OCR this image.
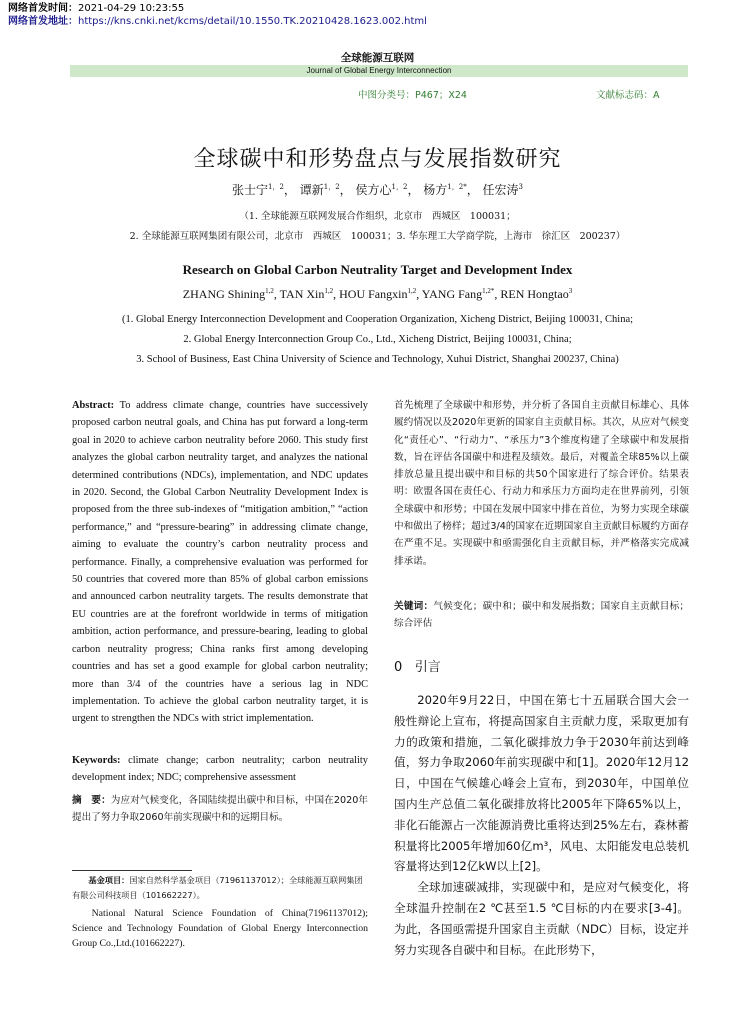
网络首发时间：2021-04-29 10:23:55
网络首发地址：https://kns.cnki.net/kcms/detail/10.1550.TK.20210428.1623.002.html
全球能源互联网
Journal of Global Energy Interconnection
中图分类号：P467；X24	文献标志码：A
全球碳中和形势盘点与发展指数研究
张士宁$^{1,2}$， 谭新$^{1,2}$， 侯方心$^{1,2}$， 杨方$^{1,2*}$， 任宏涛$^3$
（1. 全球能源互联网发展合作组织，北京市　西城区　100031；
2. 全球能源互联网集团有限公司，北京市　西城区　100031；3. 华东理工大学商学院，上海市　徐汇区　200237）
Research on Global Carbon Neutrality Target and Development Index
ZHANG Shining$^{1,2}$, TAN Xin$^{1,2}$, HOU Fangxin$^{1,2}$, YANG Fang$^{1,2*}$, REN Hongtao$^3$
(1. Global Energy Interconnection Development and Cooperation Organization, Xicheng District, Beijing 100031, China;
2. Global Energy Interconnection Group Co., Ltd., Xicheng District, Beijing 100031, China;
3. School of Business, East China University of Science and Technology, Xuhui District, Shanghai 200237, China)

Abstract: To address climate change, countries have successively proposed carbon neutral goals, and China has put forward a long-term goal in 2020 to achieve carbon neutrality before 2060. This study first analyzes the global carbon neutrality target, and analyzes the national determined contributions (NDCs), implementation, and NDC updates in 2020. Second, the Global Carbon Neutrality Development Index is proposed from the three sub-indexes of “mitigation ambition,” “action performance,” and “pressure-bearing” in addressing climate change, aiming to evaluate the country’s carbon neutrality process and performance. Finally, a comprehensive evaluation was performed for 50 countries that covered more than 85% of global carbon emissions and announced carbon neutrality targets. The results demonstrate that EU countries are at the forefront worldwide in terms of mitigation ambition, action performance, and pressure-bearing, leading to global carbon neutrality progress; China ranks first among developing countries and has set a good example for global carbon neutrality; more than 3/4 of the countries have a serious lag in NDC implementation. To achieve the global carbon neutrality target, it is urgent to strengthen the NDCs with strict implementation.

Keywords: climate change; carbon neutrality; carbon neutrality development index; NDC; comprehensive assessment

摘　要：为应对气候变化，各国陆续提出碳中和目标，中国在2020年提出了努力争取2060年前实现碳中和的远期目标。

基金项目：国家自然科学基金项目（71961137012）；全球能源互联网集团有限公司科技项目（101662227）。
National Natural Science Foundation of China(71961137012); Science and Technology Foundation of Global Energy Interconnection Group Co.,Ltd.(101662227).

首先梳理了全球碳中和形势，并分析了各国自主贡献目标雄心、具体履约情况以及2020年更新的国家自主贡献目标。其次，从应对气候变化“责任心”、“行动力”、“承压力”3个维度构建了全球碳中和发展指数，旨在评估各国碳中和进程及绩效。最后，对覆盖全球85%以上碳排放总量且提出碳中和目标的共50个国家进行了综合评价。结果表明：欧盟各国在责任心、行动力和承压力方面均走在世界前列，引领全球碳中和形势；中国在发展中国家中排在首位，为努力实现全球碳中和做出了榜样；超过3/4的国家在近期国家自主贡献目标履约方面存在严重不足。实现碳中和亟需强化自主贡献目标，并严格落实完成减排承诺。

关键词：气候变化；碳中和；碳中和发展指数；国家自主贡献目标；综合评估

0 引言

2020年9月22日，中国在第七十五届联合国大会一般性辩论上宣布，将提高国家自主贡献力度，采取更加有力的政策和措施，二氧化碳排放力争于2030年前达到峰值，努力争取2060年前实现碳中和[1]。2020年12月12日，中国在气候雄心峰会上宣布，到2030年，中国单位国内生产总值二氧化碳排放将比2005年下降65%以上，非化石能源占一次能源消费比重将达到25%左右，森林蓄积量将比2005年增加60亿m³，风电、太阳能发电总装机容量将达到12亿kW以上[2]。

全球加速碳减排，实现碳中和，是应对气候变化，将全球温升控制在2 ℃甚至1.5 ℃目标的内在要求[3-4]。为此，各国亟需提升国家自主贡献（NDC）目标，设定并努力实现各自碳中和目标。在此形势下，
